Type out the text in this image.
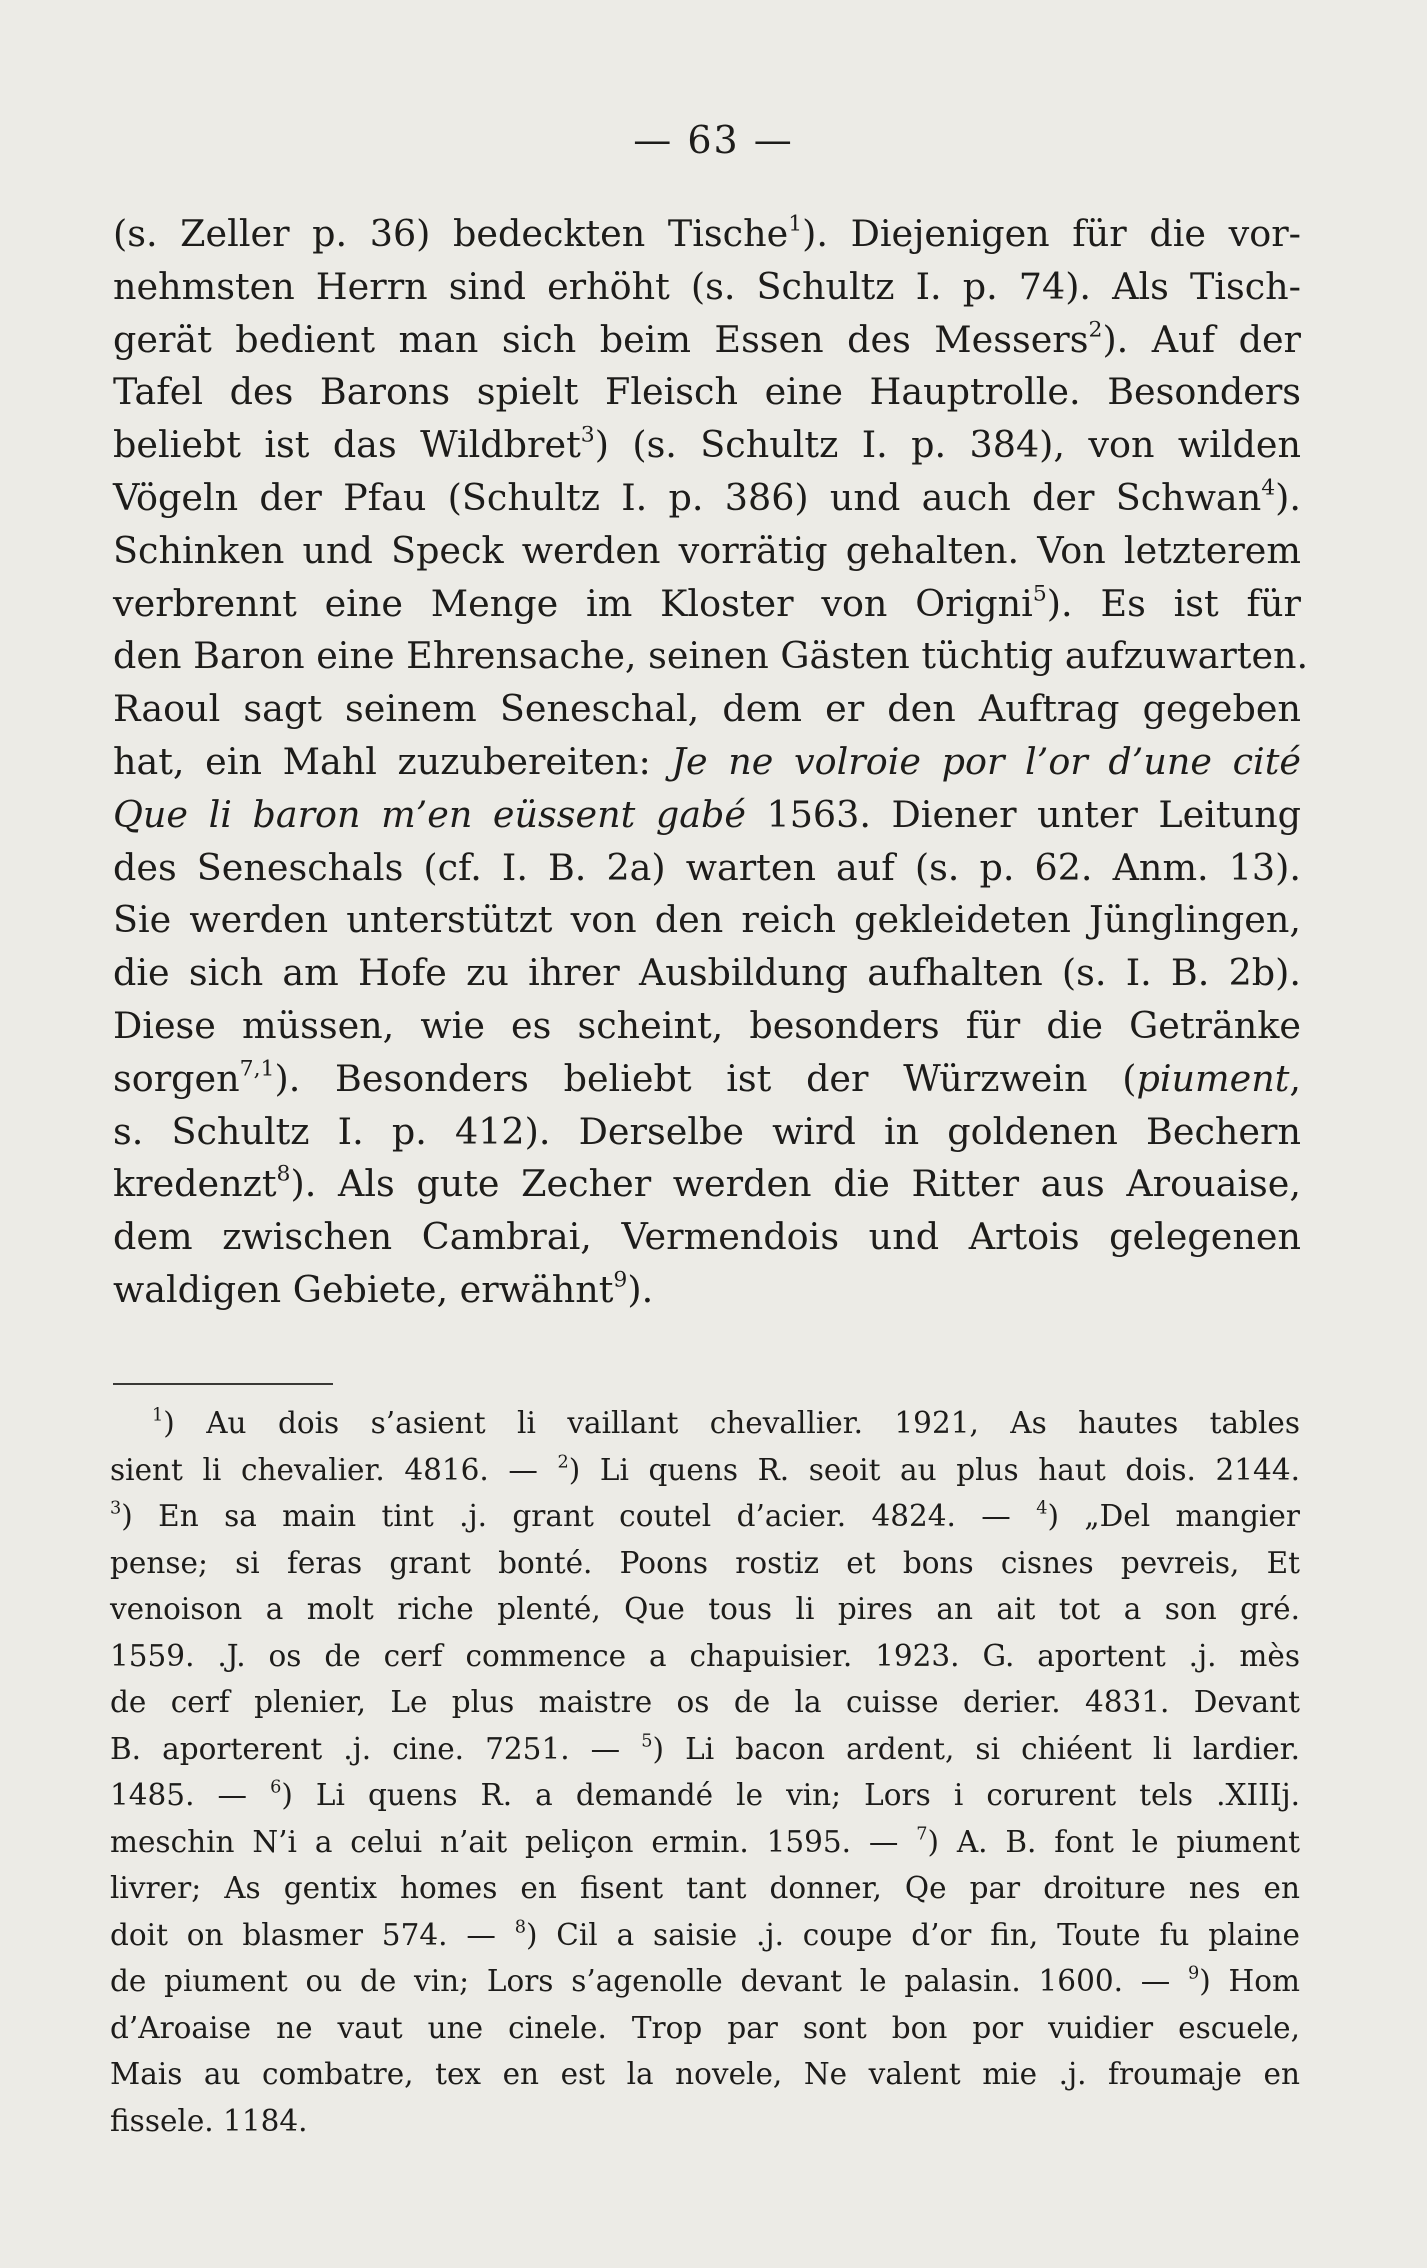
— 63 —
(s. Zeller p. 36) bedeckten Tische$^1$). Diejenigen für die vor-
nehmsten Herrn sind erhöht (s. Schultz I. p. 74). Als Tisch-
gerät bedient man sich beim Essen des Messers$^2$). Auf der
Tafel des Barons spielt Fleisch eine Hauptrolle. Besonders
beliebt ist das Wildbret$^3$) (s. Schultz I. p. 384), von wilden
Vögeln der Pfau (Schultz I. p. 386) und auch der Schwan$^4$).
Schinken und Speck werden vorrätig gehalten. Von letzterem
verbrennt eine Menge im Kloster von Origni$^5$). Es ist für
den Baron eine Ehrensache, seinen Gästen tüchtig aufzuwarten.
Raoul sagt seinem Seneschal, dem er den Auftrag gegeben
hat, ein Mahl zuzubereiten: Je ne volroie por l’or d’une cité
Que li baron m’en eüssent gabé 1563. Diener unter Leitung
des Seneschals (cf. I. B. 2a) warten auf (s. p. 62. Anm. 13).
Sie werden unterstützt von den reich gekleideten Jünglingen,
die sich am Hofe zu ihrer Ausbildung aufhalten (s. I. B. 2b).
Diese müssen, wie es scheint, besonders für die Getränke
sorgen$^{7,1}$). Besonders beliebt ist der Würzwein (piument,
s. Schultz I. p. 412). Derselbe wird in goldenen Bechern
kredenzt$^8$). Als gute Zecher werden die Ritter aus Arouaise,
dem zwischen Cambrai, Vermendois und Artois gelegenen
waldigen Gebiete, erwähnt$^9$).
$^1$) Au dois s’asient li vaillant chevallier. 1921, As hautes tables
sient li chevalier. 4816. — $^2$) Li quens R. seoit au plus haut dois. 2144.
$^3$) En sa main tint .j. grant coutel d’acier. 4824. — $^4$) „Del mangier
pense; si feras grant bonté. Poons rostiz et bons cisnes pevreis, Et
venoison a molt riche plenté, Que tous li pires an ait tot a son gré.
1559. .J. os de cerf commence a chapuisier. 1923. G. aportent .j. mès
de cerf plenier, Le plus maistre os de la cuisse derier. 4831. Devant
B. aporterent .j. cine. 7251. — $^5$) Li bacon ardent, si chiéent li lardier.
1485. — $^6$) Li quens R. a demandé le vin; Lors i corurent tels .XIIIj.
meschin N’i a celui n’ait peliçon ermin. 1595. — $^7$) A. B. font le piument
livrer; As gentix homes en fisent tant donner, Qe par droiture nes en
doit on blasmer 574. — $^8$) Cil a saisie .j. coupe d’or fin, Toute fu plaine
de piument ou de vin; Lors s’agenolle devant le palasin. 1600. — $^9$) Hom
d’Aroaise ne vaut une cinele. Trop par sont bon por vuidier escuele,
Mais au combatre, tex en est la novele, Ne valent mie .j. froumaje en
fissele. 1184.
